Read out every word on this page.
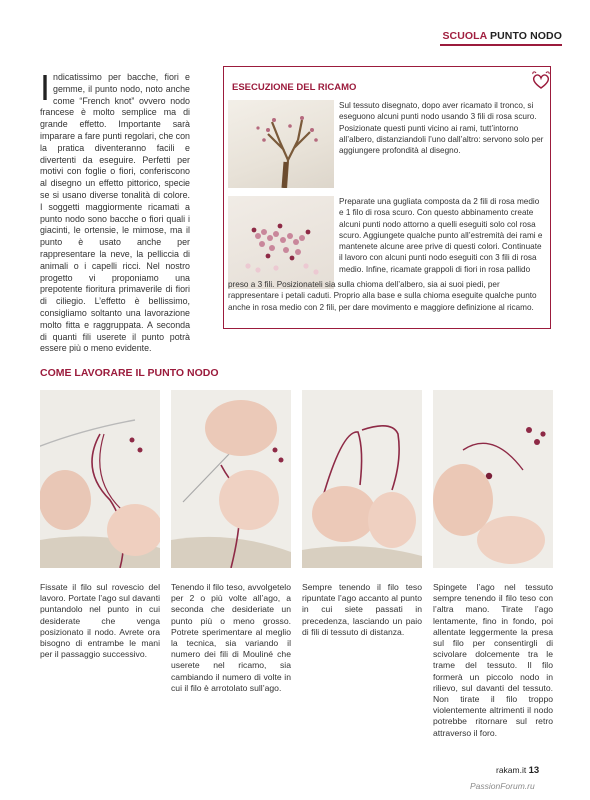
SCUOLA PUNTO NODO
Indicatissimo per bacche, fiori e gemme, il punto nodo, noto anche come “French knot” ovvero nodo francese è molto semplice ma di grande effetto. Importante sarà imparare a fare punti regolari, che con la pratica diventeranno facili e divertenti da eseguire. Perfetti per motivi con foglie o fiori, conferiscono al disegno un effetto pittorico, specie se si usano diverse tonalità di colore. I soggetti maggiormente ricamati a punto nodo sono bacche o fiori quali i giacinti, le ortensie, le mimose, ma il punto è usato anche per rappresentare la neve, la pelliccia di animali o i capelli ricci. Nel nostro progetto vi proponiamo una prepotente fioritura primaverile di fiori di ciliegio. L’effetto è bellissimo, consigliamo soltanto una lavorazione molto fitta e raggruppata. A seconda di quanti fili userete il punto potrà essere più o meno evidente.
ESECUZIONE DEL RICAMO
Sul tessuto disegnato, dopo aver ricamato il tronco, si eseguono alcuni punti nodo usando 3 fili di rosa scuro. Posizionate questi punti vicino ai rami, tutt’intorno all’albero, distanziandoli l’uno dall’altro: servono solo per aggiungere profondità al disegno.
Preparate una gugliata composta da 2 fili di rosa medio e 1 filo di rosa scuro. Con questo abbinamento create alcuni punti nodo attorno a quelli eseguiti solo col rosa scuro. Aggiungete qualche punto all’estremità dei rami e mantenete alcune aree prive di questi colori. Continuate il lavoro con alcuni punti nodo eseguiti con 3 fili di rosa medio. Infine, ricamate grappoli di fiori in rosa pallido
preso a 3 fili. Posizionateli sia sulla chioma dell’albero, sia ai suoi piedi, per rappresentare i petali caduti. Proprio alla base e sulla chioma eseguite qualche punto anche in rosa medio con 2 fili, per dare movimento e maggiore definizione al ricamo.
COME LAVORARE IL PUNTO NODO
Fissate il filo sul rovescio del lavoro. Portate l’ago sul davanti puntandolo nel punto in cui desiderate che venga posizionato il nodo. Avrete ora bisogno di entrambe le mani per il passaggio successivo.
Tenendo il filo teso, avvolgetelo per 2 o più volte all’ago, a seconda che desideriate un punto più o meno grosso. Potrete sperimentare al meglio la tecnica, sia variando il numero dei fili di Mouliné che userete nel ricamo, sia cambiando il numero di volte in cui il filo è arrotolato sull’ago.
Sempre tenendo il filo teso ripuntate l’ago accanto al punto in cui siete passati in precedenza, lasciando un paio di fili di tessuto di distanza.
Spingete l’ago nel tessuto sempre tenendo il filo teso con l’altra mano. Tirate l’ago lentamente, fino in fondo, poi allentate leggermente la presa sul filo per consentirgli di scivolare dolcemente tra le trame del tessuto. Il filo formerà un piccolo nodo in rilievo, sul davanti del tessuto. Non tirate il filo troppo violentemente altrimenti il nodo potrebbe ritornare sul retro attraverso il foro.
rakam.it 13
PassionForum.ru
